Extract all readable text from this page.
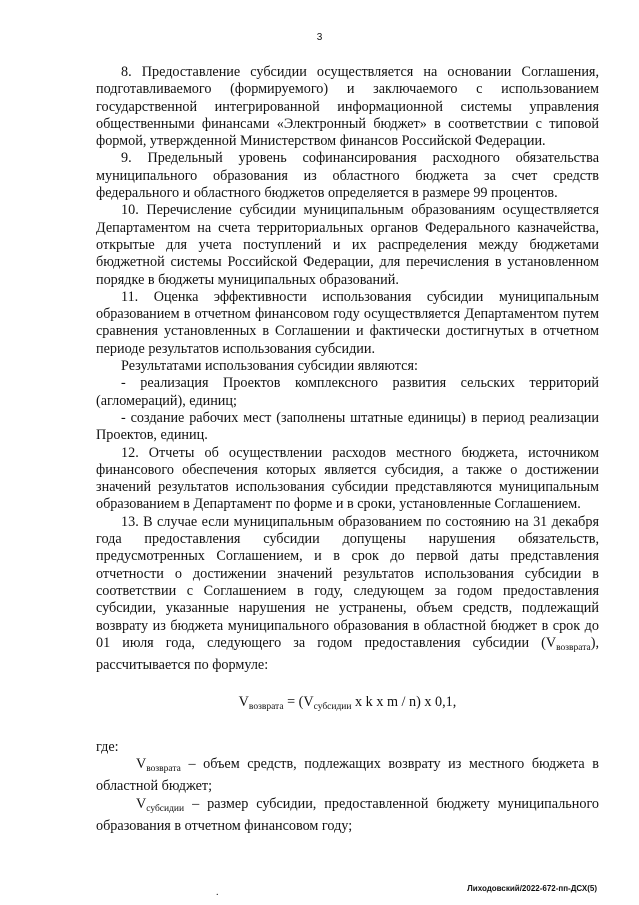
3

8. Предоставление субсидии осуществляется на основании Соглашения, подготавливаемого (формируемого) и заключаемого с использованием государственной интегрированной информационной системы управления общественными финансами «Электронный бюджет» в соответствии с типовой формой, утвержденной Министерством финансов Российской Федерации.

9. Предельный уровень софинансирования расходного обязательства муниципального образования из областного бюджета за счет средств федерального и областного бюджетов определяется в размере 99 процентов.

10. Перечисление субсидии муниципальным образованиям осуществляется Департаментом на счета территориальных органов Федерального казначейства, открытые для учета поступлений и их распределения между бюджетами бюджетной системы Российской Федерации, для перечисления в установленном порядке в бюджеты муниципальных образований.

11. Оценка эффективности использования субсидии муниципальным образованием в отчетном финансовом году осуществляется Департаментом путем сравнения установленных в Соглашении и фактически достигнутых в отчетном периоде результатов использования субсидии.

Результатами использования субсидии являются:

- реализация Проектов комплексного развития сельских территорий (агломераций), единиц;

- создание рабочих мест (заполнены штатные единицы) в период реализации Проектов, единиц.

12. Отчеты об осуществлении расходов местного бюджета, источником финансового обеспечения которых является субсидия, а также о достижении значений результатов использования субсидии представляются муниципальным образованием в Департамент по форме и в сроки, установленные Соглашением.

13. В случае если муниципальным образованием по состоянию на 31 декабря года предоставления субсидии допущены нарушения обязательств, предусмотренных Соглашением, и в срок до первой даты представления отчетности о достижении значений результатов использования субсидии в соответствии с Соглашением в году, следующем за годом предоставления субсидии, указанные нарушения не устранены, объем средств, подлежащий возврату из бюджета муниципального образования в областной бюджет в срок до 01 июля года, следующего за годом предоставления субсидии $(V_{возврата})$, рассчитывается по формуле:

$V_{возврата} = (V_{субсидии}$ x k x m / n) x 0,1,

где:

$V_{возврата}$ – объем средств, подлежащих возврату из местного бюджета в областной бюджет;

$V_{субсидии}$ – размер субсидии, предоставленной бюджету муниципального образования в отчетном финансовом году;

.	Лиходовский/2022-672-пп-ДСХ(5)
